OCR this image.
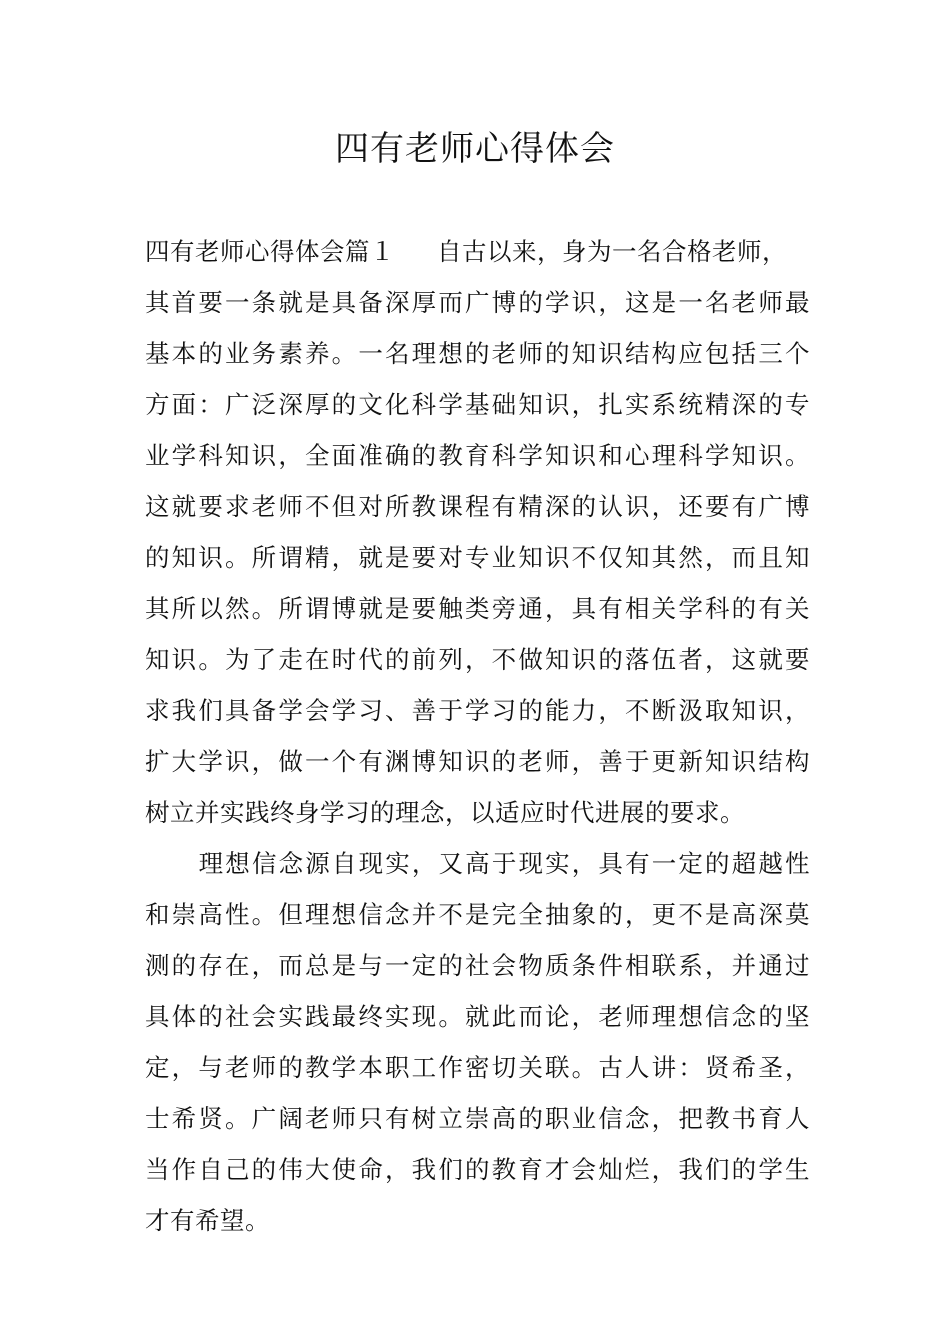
四有老师心得体会
四有老师心得体会篇１ 自古以来，身为一名合格老师，
其首要一条就是具备深厚而广博的学识，这是一名老师最
基本的业务素养。一名理想的老师的知识结构应包括三个
方面：广泛深厚的文化科学基础知识，扎实系统精深的专
业学科知识，全面准确的教育科学知识和心理科学知识。
这就要求老师不但对所教课程有精深的认识，还要有广博
的知识。所谓精，就是要对专业知识不仅知其然，而且知
其所以然。所谓博就是要触类旁通，具有相关学科的有关
知识。为了走在时代的前列，不做知识的落伍者，这就要
求我们具备学会学习、善于学习的能力，不断汲取知识，
扩大学识，做一个有渊博知识的老师，善于更新知识结构
树立并实践终身学习的理念，以适应时代进展的要求。
理想信念源自现实，又高于现实，具有一定的超越性
和崇高性。但理想信念并不是完全抽象的，更不是高深莫
测的存在，而总是与一定的社会物质条件相联系，并通过
具体的社会实践最终实现。就此而论，老师理想信念的坚
定，与老师的教学本职工作密切关联。古人讲：贤希圣，
士希贤。广阔老师只有树立崇高的职业信念，把教书育人
当作自己的伟大使命，我们的教育才会灿烂，我们的学生
才有希望。
